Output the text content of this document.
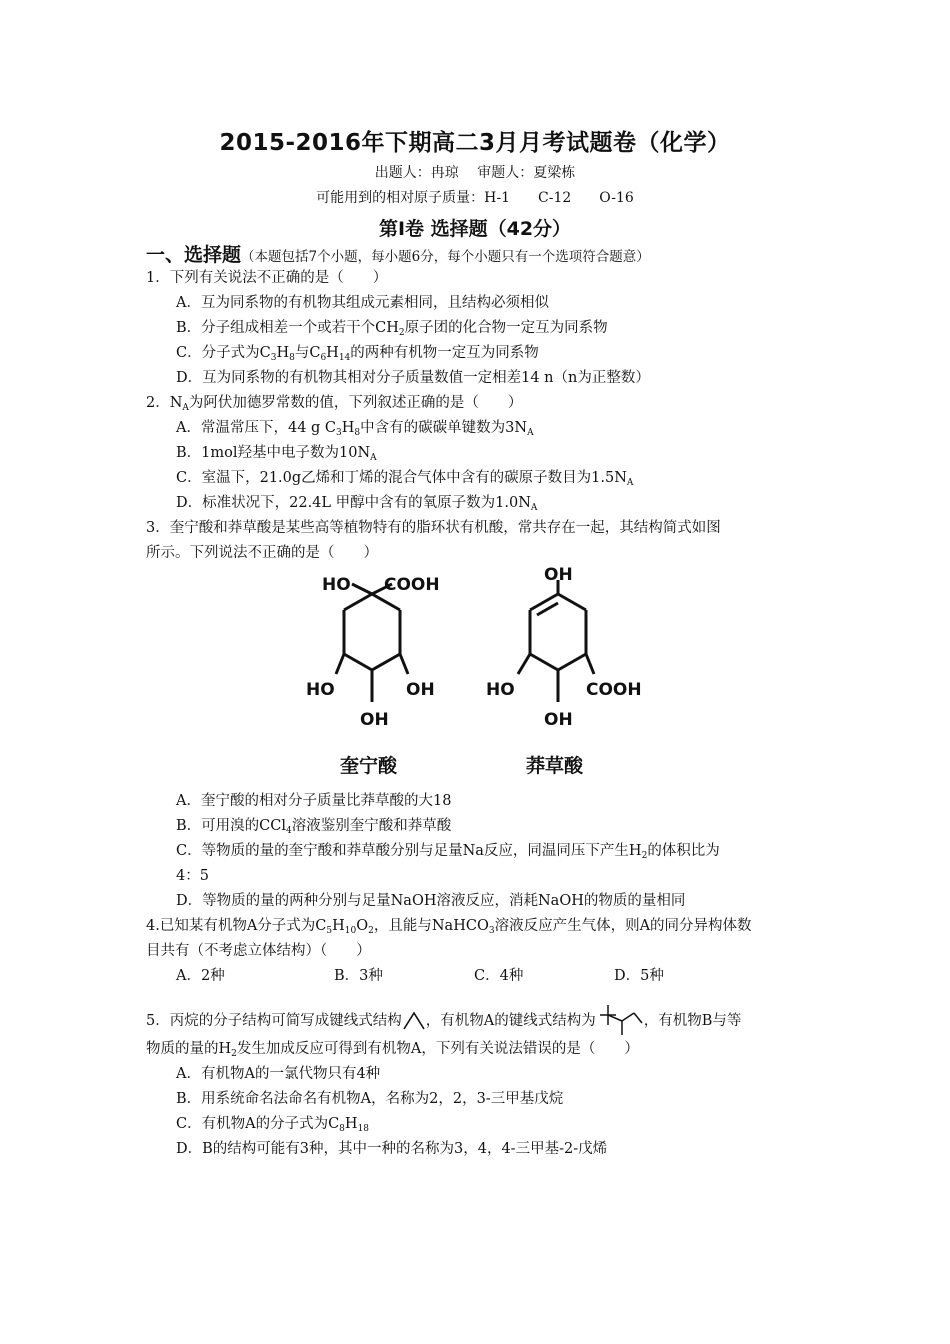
2015-2016年下期高二3月月考试题卷（化学）
出题人：冉琼　 审题人：夏梁栋
可能用到的相对原子质量：H-1　　C-12　　O-16
第Ⅰ卷 选择题（42分）
一、选择题（本题包括7个小题，每小题6分，每个小题只有一个选项符合题意）
1．下列有关说法不正确的是（　　）
A．互为同系物的有机物其组成元素相同，且结构必须相似
B．分子组成相差一个或若干个$CH_2$原子团的化合物一定互为同系物
C．分子式为$C_3H_8$与$C_6H_{14}$的两种有机物一定互为同系物
D．互为同系物的有机物其相对分子质量数值一定相差14 n（n为正整数）
2．$N_A$为阿伏加德罗常数的值，下列叙述正确的是（　　）
A．常温常压下，44 g $C_3H_8$中含有的碳碳单键数为$3N_A$
B．1mol羟基中电子数为$10N_A$
C．室温下，21.0g乙烯和丁烯的混合气体中含有的碳原子数目为$1.5N_A$
D．标准状况下，22.4L 甲醇中含有的氧原子数为$1.0N_A$
3．奎宁酸和莽草酸是某些高等植物特有的脂环状有机酸，常共存在一起，其结构简式如图
所示。下列说法不正确的是（　　）
HO COOH
HO	OH
OH
奎宁酸
OH
HO	COOH
OH
莽草酸
A．奎宁酸的相对分子质量比莽草酸的大18
B．可用溴的CCl$_4$溶液鉴别奎宁酸和莽草酸
C．等物质的量的奎宁酸和莽草酸分别与足量Na反应，同温同压下产生$H_2$的体积比为
4：5
D．等物质的量的两种分别与足量NaOH溶液反应，消耗NaOH的物质的量相同
4.已知某有机物A分子式为$C_5H_{10}O_2$，且能与NaHCO$_3$溶液反应产生气体，则A的同分异构体数
目共有（不考虑立体结构）（　　）
A．2种	B．3种	C．4种	D．5种
5．丙烷的分子结构可简写成键线式结构 ，有机物A的键线式结构为	，有机物B与等
物质的量的$H_2$发生加成反应可得到有机物A，下列有关说法错误的是（　　）
A．有机物A的一氯代物只有4种
B．用系统命名法命名有机物A，名称为2，2，3-三甲基戊烷
C．有机物A的分子式为$C_8H_{18}$
D．B的结构可能有3种，其中一种的名称为3，4，4-三甲基-2-戊烯
